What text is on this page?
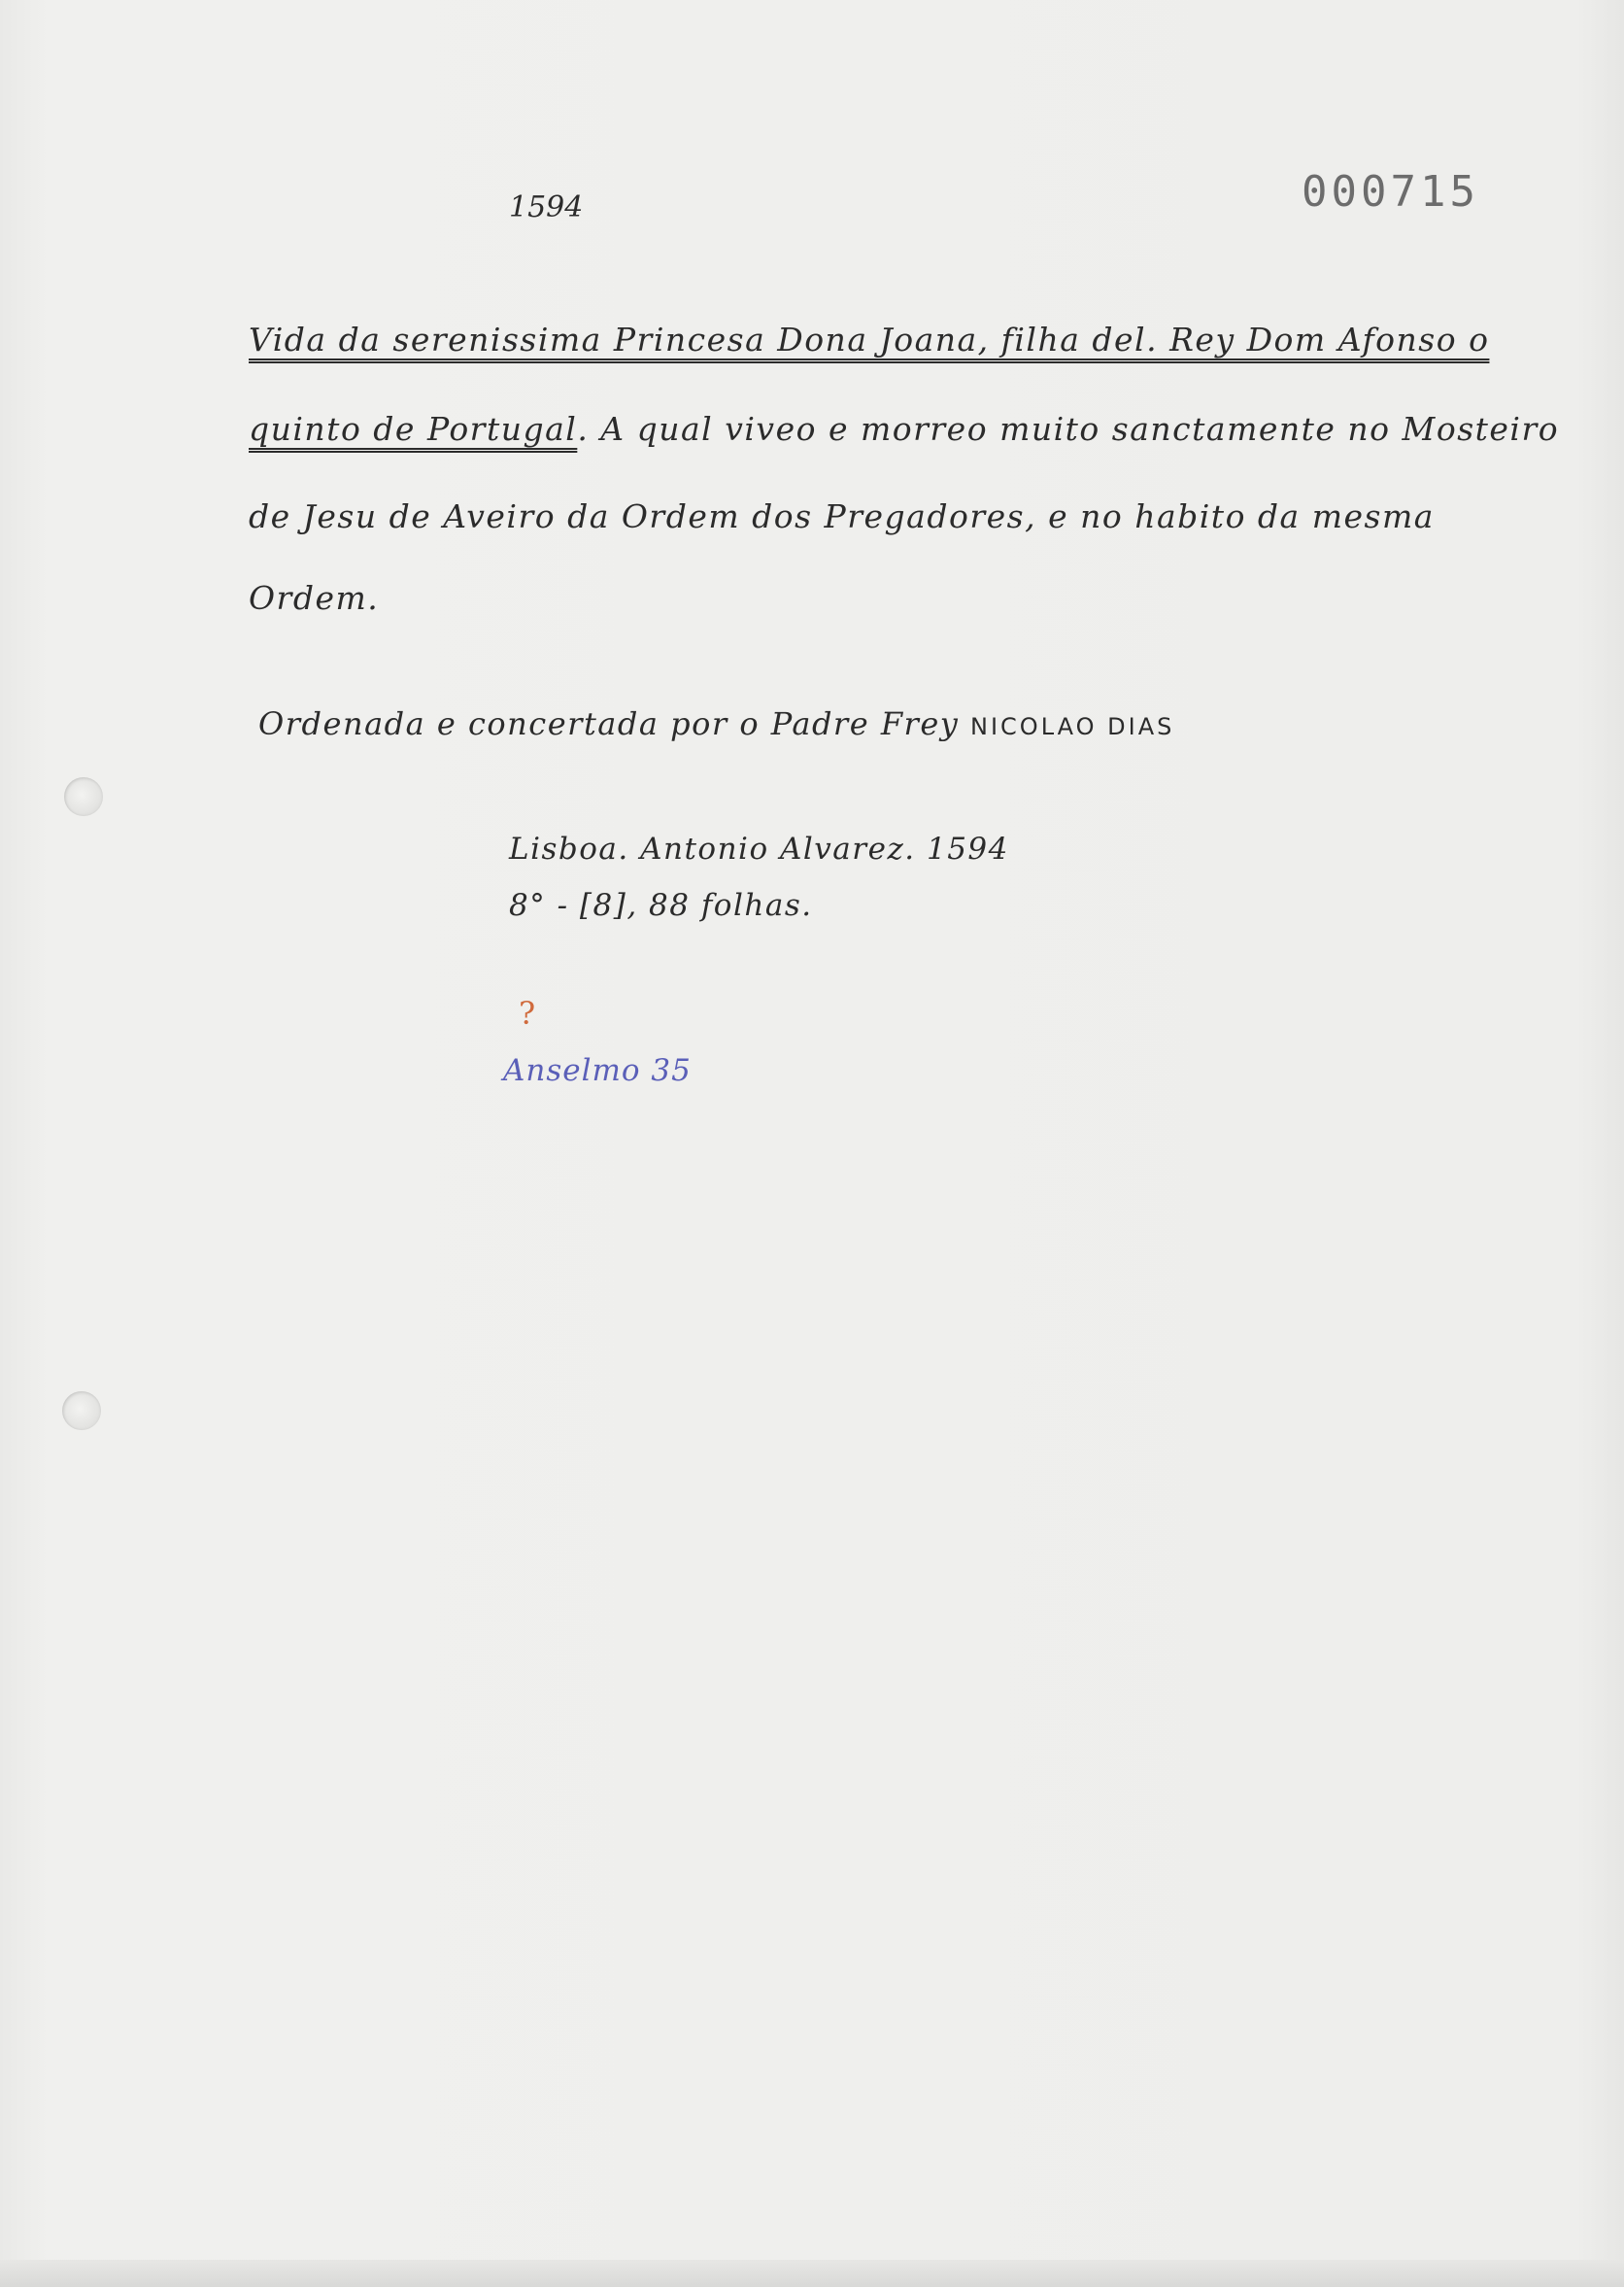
1594	000715
Vida da serenissima Princesa Dona Joana, filha del. Rey Dom Afonso o
quinto de Portugal. A qual viveo e morreo muito sanctamente no Mosteiro
de Jesu de Aveiro da Ordem dos Pregadores, e no habito da mesma
Ordem.
Ordenada e concertada por o Padre Frey NICOLAO DIAS
Lisboa. Antonio Alvarez. 1594
8° - [8], 88 folhas.
?
Anselmo 35
